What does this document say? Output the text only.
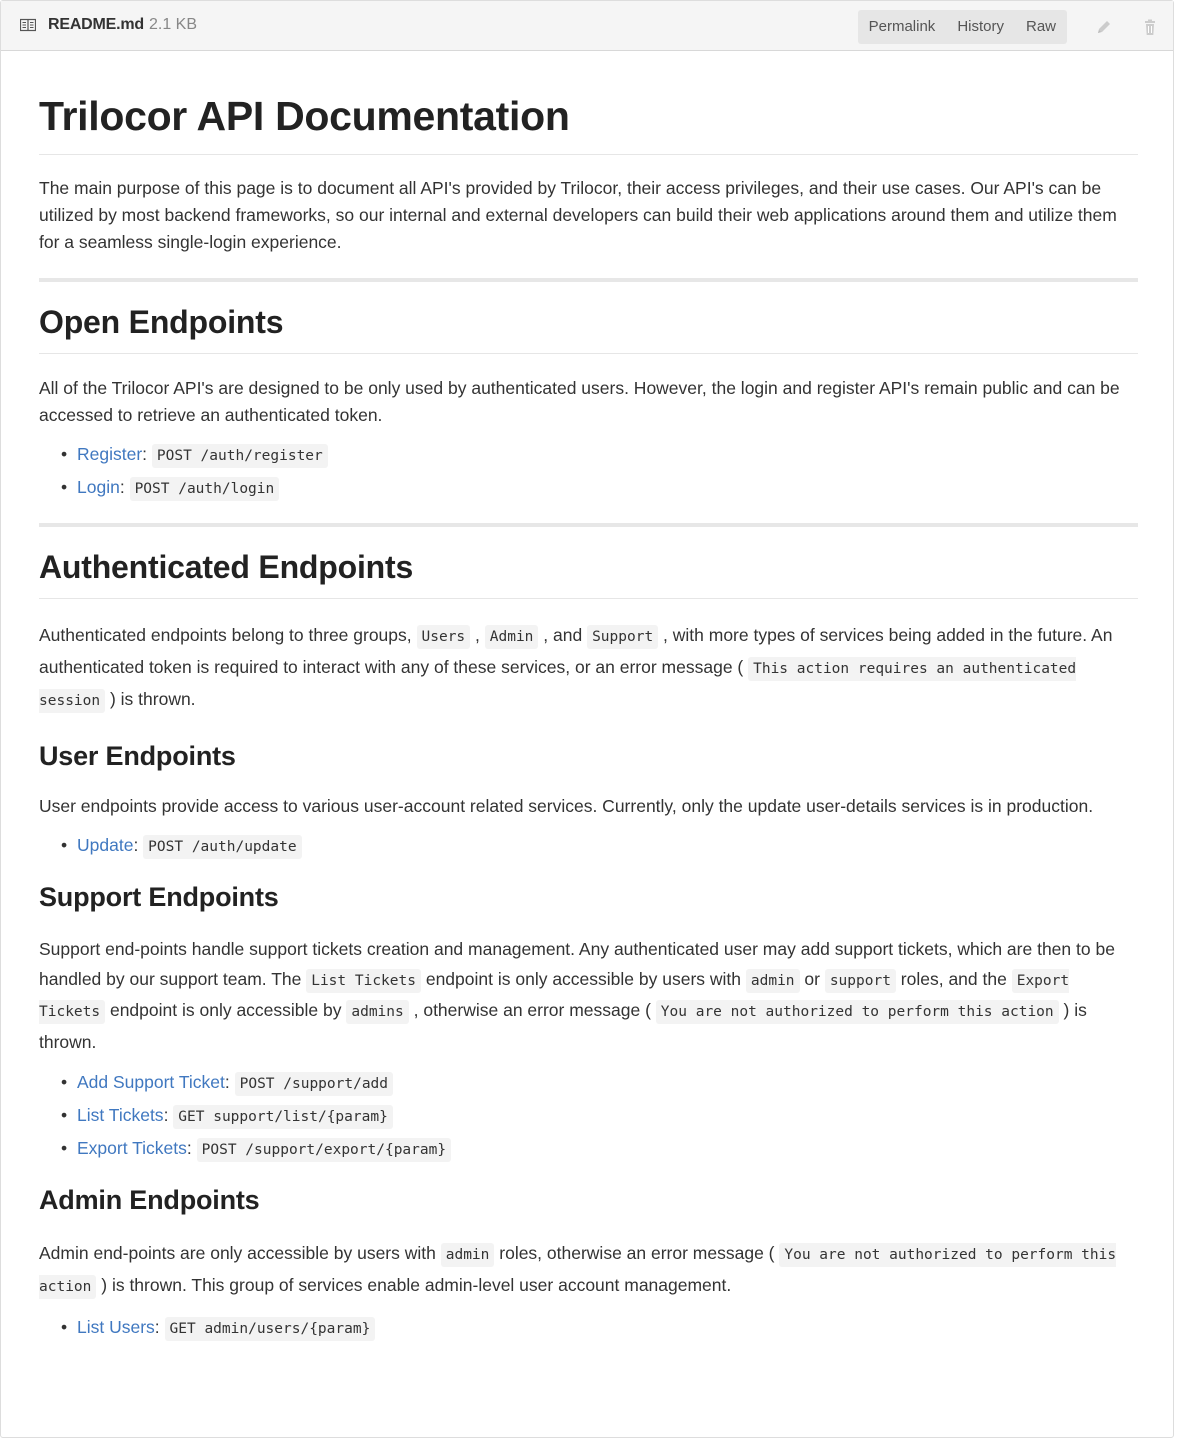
README.md 2.1 KB	Permalink	History	Raw
Trilocor API Documentation

The main purpose of this page is to document all API's provided by Trilocor, their access privileges, and their use cases. Our API's can be utilized by most backend frameworks, so our internal and external developers can build their web applications around them and utilize them for a seamless single-login experience.

Open Endpoints

All of the Trilocor API's are designed to be only used by authenticated users. However, the login and register API's remain public and can be accessed to retrieve an authenticated token.

• Register: POST /auth/register
• Login: POST /auth/login
Authenticated Endpoints

Authenticated endpoints belong to three groups, Users , Admin , and Support , with more types of services being added in the future. An authenticated token is required to interact with any of these services, or an error message ( This action requires an authenticated session ) is thrown.

User Endpoints

User endpoints provide access to various user-account related services. Currently, only the update user-details services is in production.

• Update: POST /auth/update
Support Endpoints

Support end-points handle support tickets creation and management. Any authenticated user may add support tickets, which are then to be handled by our support team. The List Tickets endpoint is only accessible by users with admin or support roles, and the Export Tickets endpoint is only accessible by admins , otherwise an error message ( You are not authorized to perform this action ) is thrown.

• Add Support Ticket: POST /support/add
• List Tickets: GET support/list/{param}
• Export Tickets: POST /support/export/{param}
Admin Endpoints

Admin end-points are only accessible by users with admin roles, otherwise an error message ( You are not authorized to perform this action ) is thrown. This group of services enable admin-level user account management.

• List Users: GET admin/users/{param}
